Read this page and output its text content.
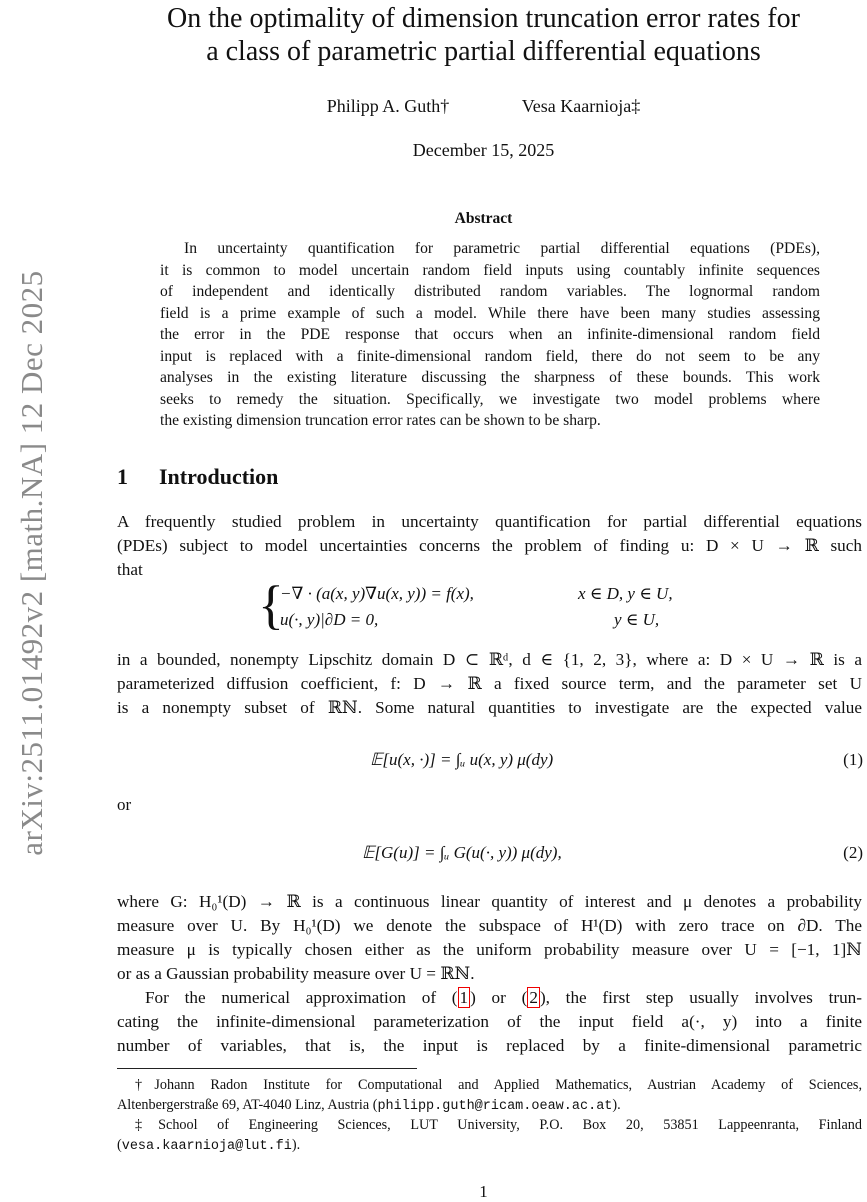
On the optimality of dimension truncation error rates for
a class of parametric partial differential equations
Philipp A. Guth†	Vesa Kaarnioja‡
December 15, 2025
arXiv:2511.01492v2 [math.NA] 12 Dec 2025
Abstract
In uncertainty quantification for parametric partial differential equations (PDEs),
it is common to model uncertain random field inputs using countably infinite sequences
of independent and identically distributed random variables. The lognormal random
field is a prime example of such a model. While there have been many studies assessing
the error in the PDE response that occurs when an infinite-dimensional random field
input is replaced with a finite-dimensional random field, there do not seem to be any
analyses in the existing literature discussing the sharpness of these bounds. This work
seeks to remedy the situation. Specifically, we investigate two model problems where
the existing dimension truncation error rates can be shown to be sharp.
1 Introduction
A frequently studied problem in uncertainty quantification for partial differential equations
(PDEs) subject to model uncertainties concerns the problem of finding u: D × U → ℝ such
that
{
−∇ · (a(x, y)∇u(x, y)) = f(x),	x ∈ D, y ∈ U,
u(·, y)|∂D = 0,	y ∈ U,
in a bounded, nonempty Lipschitz domain D ⊂ ℝᵈ, d ∈ {1, 2, 3}, where a: D × U → ℝ is a
parameterized diffusion coefficient, f: D → ℝ a fixed source term, and the parameter set U
is a nonempty subset of ℝℕ. Some natural quantities to investigate are the expected value
𝔼[u(x, ·)] = ∫ᵤ u(x, y) μ(dy)	(1)
or
𝔼[G(u)] = ∫ᵤ G(u(·, y)) μ(dy),	(2)
where G: H₀¹(D) → ℝ is a continuous linear quantity of interest and μ denotes a probability
measure over U. By H₀¹(D) we denote the subspace of H¹(D) with zero trace on ∂D. The
measure μ is typically chosen either as the uniform probability measure over U = [−1, 1]ℕ
or as a Gaussian probability measure over U = ℝℕ.
For the numerical approximation of ( 1 ) or ( 2 ), the first step usually involves trun-
cating the infinite-dimensional parameterization of the input field a(·, y) into a finite
number of variables, that is, the input is replaced by a finite-dimensional parametric
†Johann Radon Institute for Computational and Applied Mathematics, Austrian Academy of Sciences,
Altenbergerstraße 69, AT-4040 Linz, Austria (philipp.guth@ricam.oeaw.ac.at).
‡School of Engineering Sciences, LUT University, P.O. Box 20, 53851 Lappeenranta, Finland
(vesa.kaarnioja@lut.fi).
1
